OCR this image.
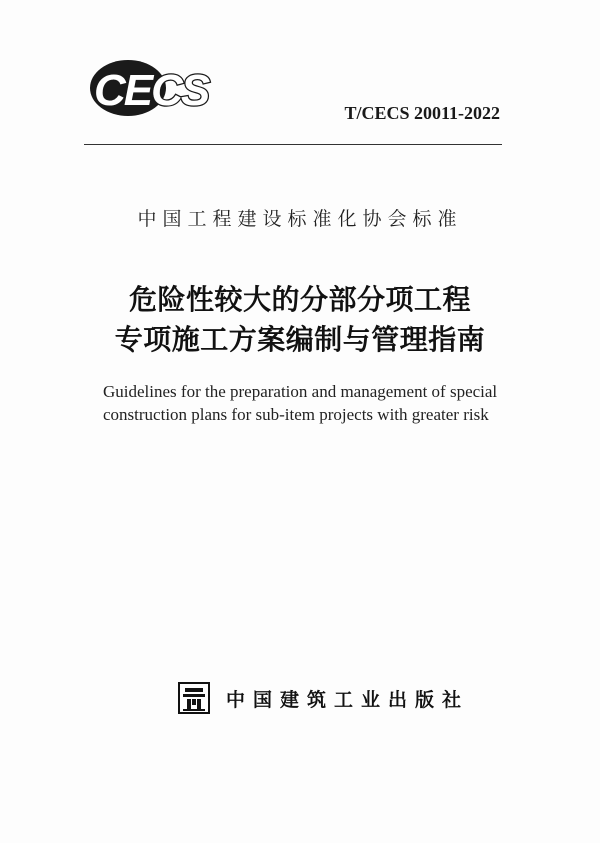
CECS	T/CECS 20011-2022
中国工程建设标准化协会标准
危险性较大的分部分项工程
专项施工方案编制与管理指南
Guidelines for the preparation and management of special
construction plans for sub-item projects with greater risk
中国建筑工业出版社
